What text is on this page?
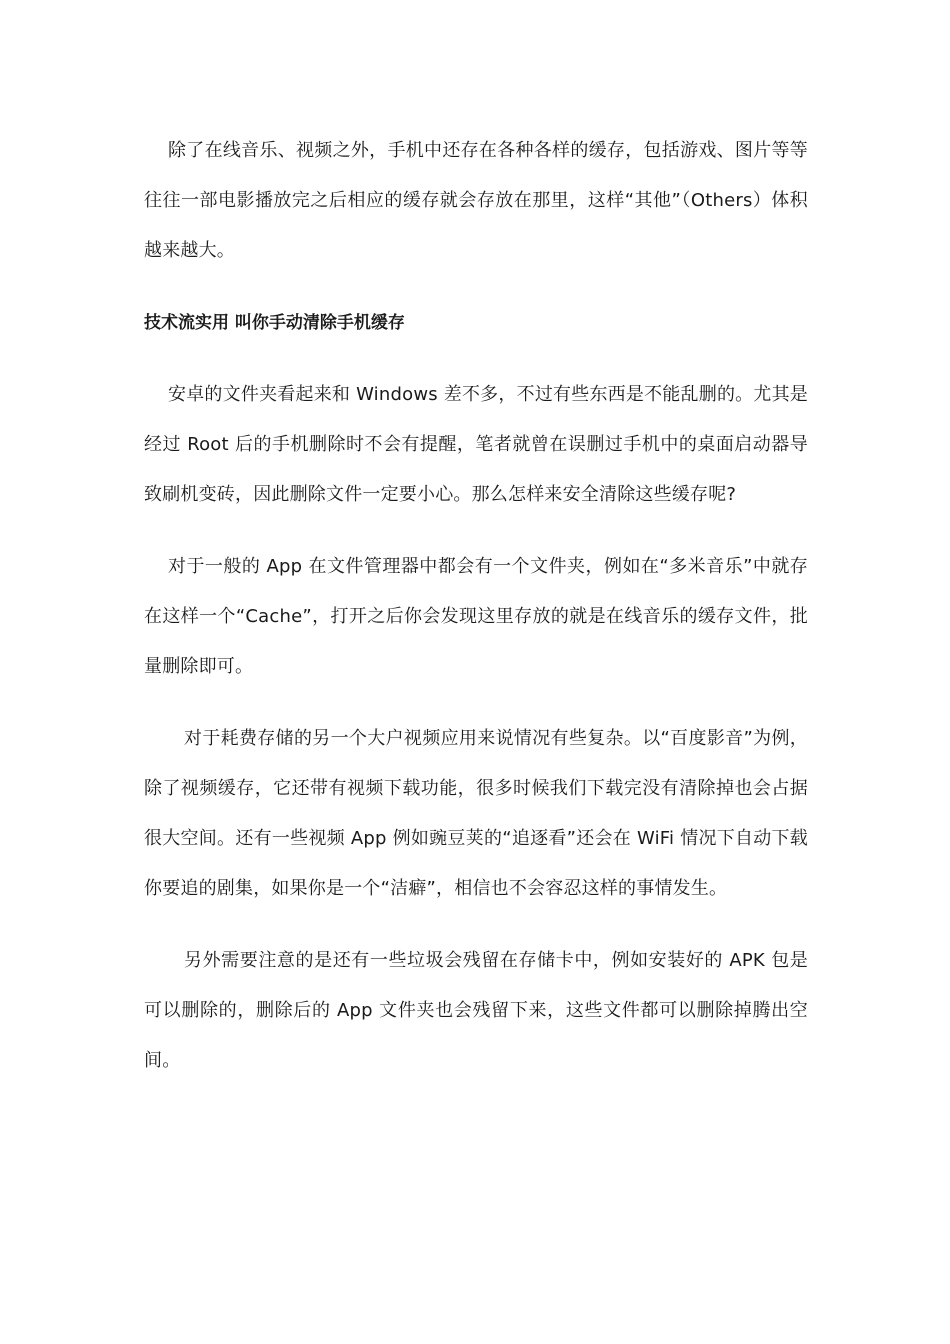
除了在线音乐、视频之外，手机中还存在各种各样的缓存，包括游戏、图片等等往往一部电影播放完之后相应的缓存就会存放在那里，这样“其他”（Others）体积越来越大。

技术流实用 叫你手动清除手机缓存

安卓的文件夹看起来和 Windows 差不多，不过有些东西是不能乱删的。尤其是经过 Root 后的手机删除时不会有提醒，笔者就曾在误删过手机中的桌面启动器导致刷机变砖，因此删除文件一定要小心。那么怎样来安全清除这些缓存呢?

对于一般的 App 在文件管理器中都会有一个文件夹，例如在“多米音乐”中就存在这样一个“Cache”，打开之后你会发现这里存放的就是在线音乐的缓存文件，批量删除即可。

对于耗费存储的另一个大户视频应用来说情况有些复杂。以“百度影音”为例，除了视频缓存，它还带有视频下载功能，很多时候我们下载完没有清除掉也会占据很大空间。还有一些视频 App 例如豌豆荚的“追逐看”还会在 WiFi 情况下自动下载你要追的剧集，如果你是一个“洁癖”，相信也不会容忍这样的事情发生。

另外需要注意的是还有一些垃圾会残留在存储卡中，例如安装好的 APK 包是可以删除的，删除后的 App 文件夹也会残留下来，这些文件都可以删除掉腾出空间。
